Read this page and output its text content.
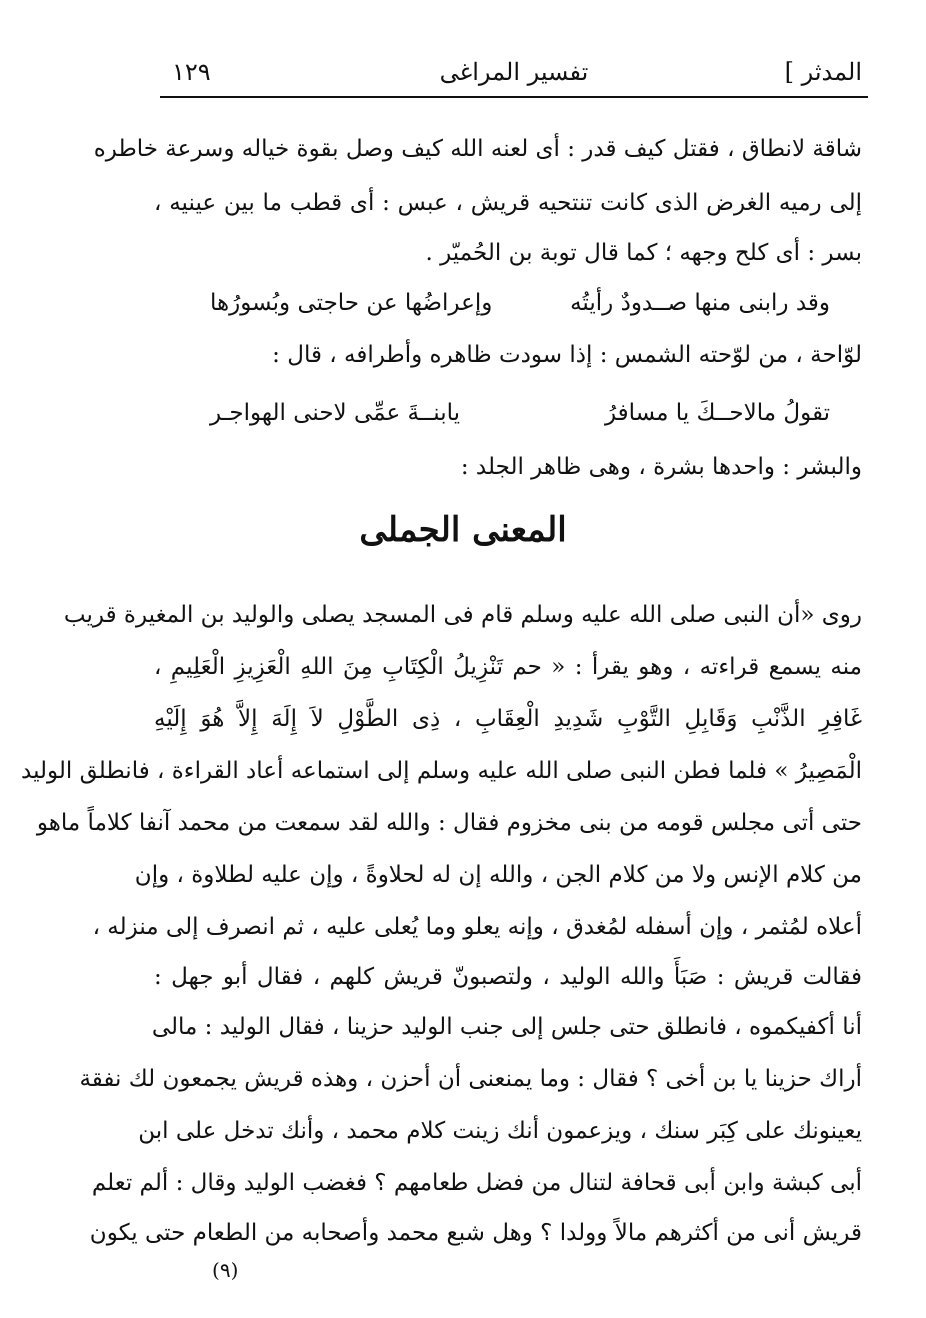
١٢٩	تفسير المراغى	المدثر ]
شاقة لانطاق ، فقتل كيف قدر : أى لعنه الله كيف وصل بقوة خياله وسرعة خاطره
إلى رميه الغرض الذى كانت تنتحيه قريش ، عبس : أى قطب ما بين عينيه ،
بسر : أى كلح وجهه ؛ كما قال توبة بن الحُميّر .
وقد رابنى منها صــدودٌ رأيتُه
وإعراضُها عن حاجتى وبُسورُها
لوّاحة ، من لوّحته الشمس : إذا سودت ظاهره وأطرافه ، قال :
تقولُ مالاحــكَ يا مسافرُ
يابنــةَ عمِّى لاحنى الهواجـر
والبشر : واحدها بشرة ، وهى ظاهر الجلد :
المعنى الجملى
روى «أن النبى صلى الله عليه وسلم قام فى المسجد يصلى والوليد بن المغيرة قريب
منه يسمع قراءته ، وهو يقرأ : « حم تَنْزِيلُ الْكِتَابِ مِنَ اللهِ الْعَزِيزِ الْعَلِيمِ ،
غَافِرِ الذَّنْبِ وَقَابِلِ التَّوْبِ شَدِيدِ الْعِقَابِ ، ذِى الطَّوْلِ لاَ إِلَهَ إِلاَّ هُوَ إِلَيْهِ
الْمَصِيرُ » فلما فطن النبى صلى الله عليه وسلم إلى استماعه أعاد القراءة ، فانطلق الوليد
حتى أتى مجلس قومه من بنى مخزوم فقال : والله لقد سمعت من محمد آنفا كلاماً ماهو
من كلام الإنس ولا من كلام الجن ، والله إن له لحلاوةً ، وإن عليه لطلاوة ، وإن
أعلاه لمُثمر ، وإن أسفله لمُغدق ، وإنه يعلو وما يُعلى عليه ، ثم انصرف إلى منزله ،
فقالت قريش : صَبَأَ والله الوليد ، ولتصبونّ قريش كلهم ، فقال أبو جهل :
أنا أكفيكموه ، فانطلق حتى جلس إلى جنب الوليد حزينا ، فقال الوليد : مالى
أراك حزينا يا بن أخى ؟ فقال : وما يمنعنى أن أحزن ، وهذه قريش يجمعون لك نفقة
يعينونك على كِبَر سنك ، ويزعمون أنك زينت كلام محمد ، وأنك تدخل على ابن
أبى كبشة وابن أبى قحافة لتنال من فضل طعامهم ؟ فغضب الوليد وقال : ألم تعلم
قريش أنى من أكثرهم مالاً وولدا ؟ وهل شبع محمد وأصحابه من الطعام حتى يكون
(٩)
